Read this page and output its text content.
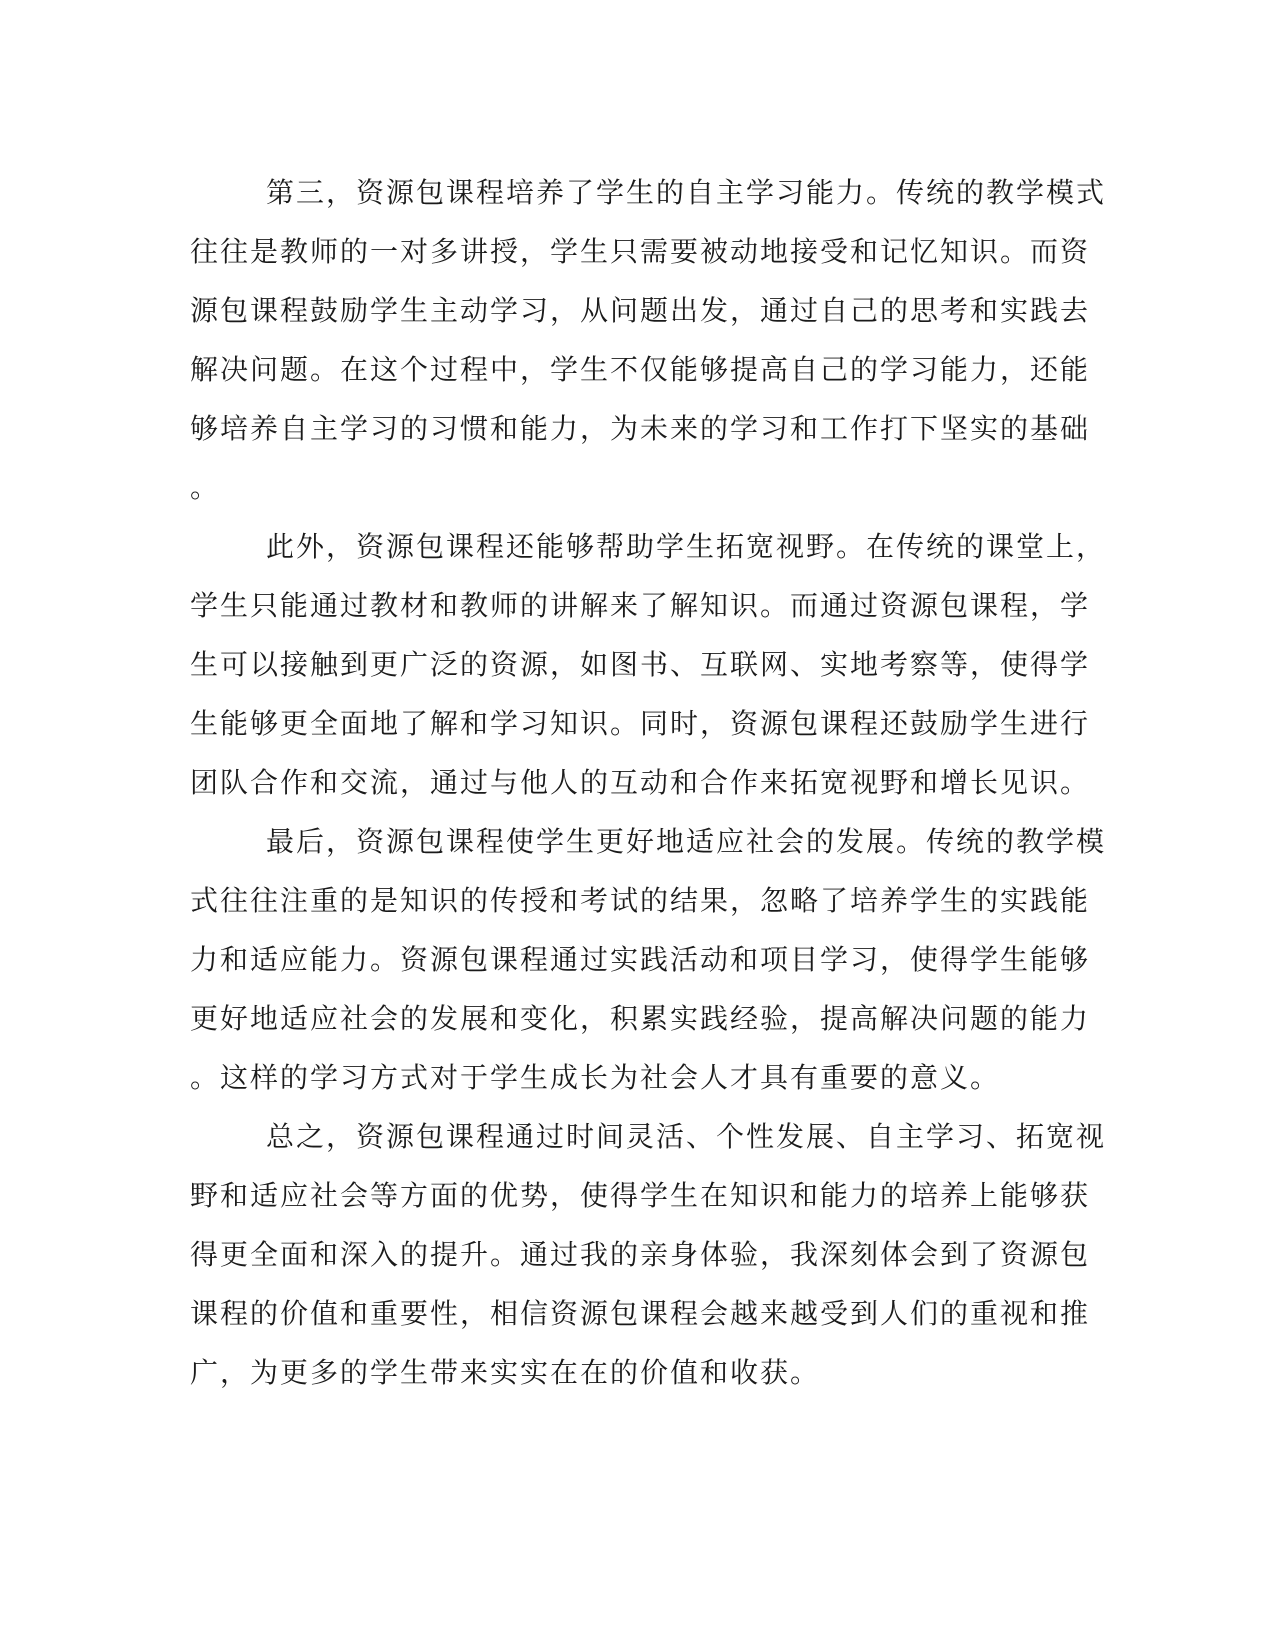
第三，资源包课程培养了学生的自主学习能力。传统的教学模式
往往是教师的一对多讲授，学生只需要被动地接受和记忆知识。而资
源包课程鼓励学生主动学习，从问题出发，通过自己的思考和实践去
解决问题。在这个过程中，学生不仅能够提高自己的学习能力，还能
够培养自主学习的习惯和能力，为未来的学习和工作打下坚实的基础
。
此外，资源包课程还能够帮助学生拓宽视野。在传统的课堂上，
学生只能通过教材和教师的讲解来了解知识。而通过资源包课程，学
生可以接触到更广泛的资源，如图书、互联网、实地考察等，使得学
生能够更全面地了解和学习知识。同时，资源包课程还鼓励学生进行
团队合作和交流，通过与他人的互动和合作来拓宽视野和增长见识。
最后，资源包课程使学生更好地适应社会的发展。传统的教学模
式往往注重的是知识的传授和考试的结果，忽略了培养学生的实践能
力和适应能力。资源包课程通过实践活动和项目学习，使得学生能够
更好地适应社会的发展和变化，积累实践经验，提高解决问题的能力
。这样的学习方式对于学生成长为社会人才具有重要的意义。
总之，资源包课程通过时间灵活、个性发展、自主学习、拓宽视
野和适应社会等方面的优势，使得学生在知识和能力的培养上能够获
得更全面和深入的提升。通过我的亲身体验，我深刻体会到了资源包
课程的价值和重要性，相信资源包课程会越来越受到人们的重视和推
广，为更多的学生带来实实在在的价值和收获。
